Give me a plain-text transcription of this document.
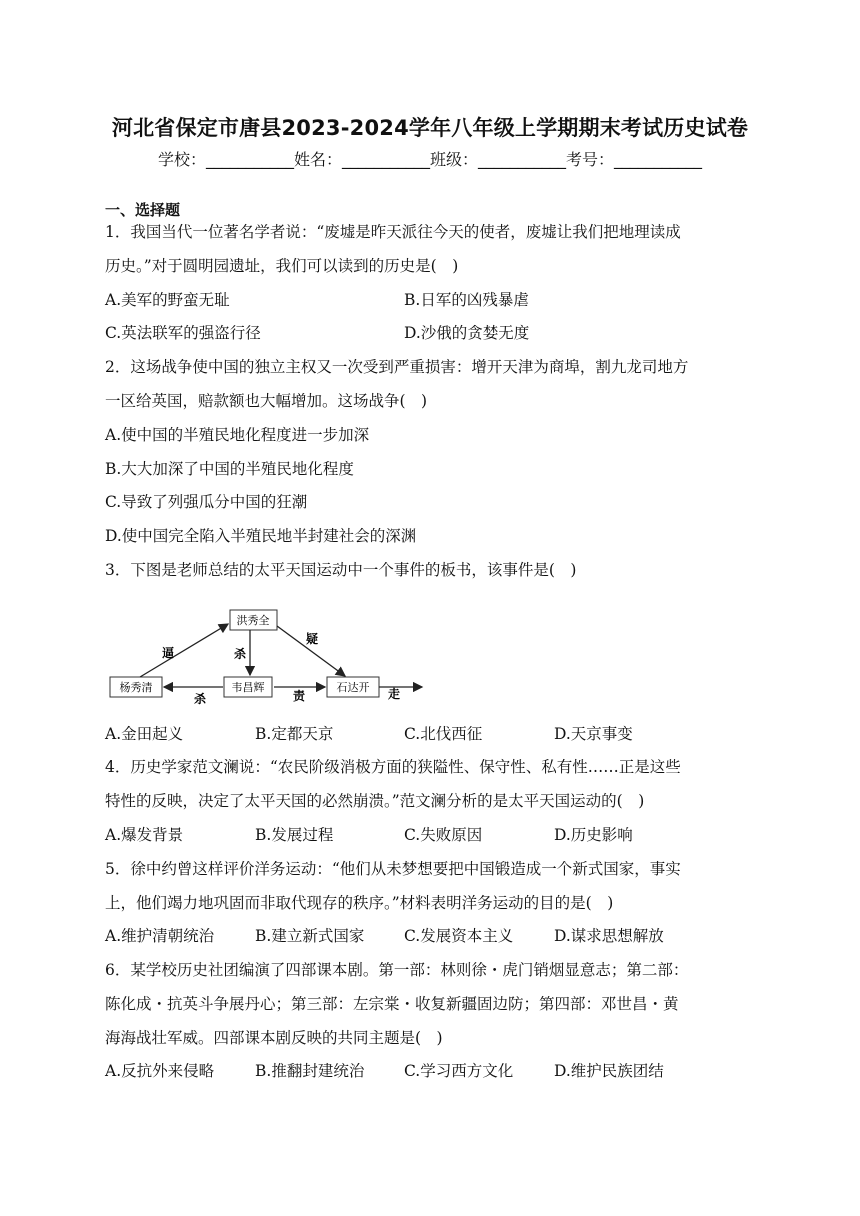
河北省保定市唐县2023-2024学年八年级上学期期末考试历史试卷
学校：___________姓名：___________班级：___________考号：___________
一、选择题
1．我国当代一位著名学者说：“废墟是昨天派往今天的使者，废墟让我们把地理读成
历史。”对于圆明园遗址，我们可以读到的历史是(　)
A.美军的野蛮无耻	B.日军的凶残暴虐
C.英法联军的强盗行径	D.沙俄的贪婪无度
2．这场战争使中国的独立主权又一次受到严重损害：增开天津为商埠，割九龙司地方
一区给英国，赔款额也大幅增加。这场战争(　)
A.使中国的半殖民地化程度进一步加深
B.大大加深了中国的半殖民地化程度
C.导致了列强瓜分中国的狂潮
D.使中国完全陷入半殖民地半封建社会的深渊
3．下图是老师总结的太平天国运动中一个事件的板书，该事件是(　)
洪秀全
杨秀清	韦昌辉	石达开
逼	杀
疑
杀	责	走
A.金田起义	B.定都天京	C.北伐西征	D.天京事变
4．历史学家范文澜说：“农民阶级消极方面的狭隘性、保守性、私有性……正是这些
特性的反映，决定了太平天国的必然崩溃。”范文澜分析的是太平天国运动的(　)
A.爆发背景	B.发展过程	C.失败原因	D.历史影响
5．徐中约曾这样评价洋务运动：“他们从未梦想要把中国锻造成一个新式国家，事实
上，他们竭力地巩固而非取代现存的秩序。”材料表明洋务运动的目的是(　)
A.维护清朝统治	B.建立新式国家	C.发展资本主义	D.谋求思想解放
6．某学校历史社团编演了四部课本剧。第一部：林则徐・虎门销烟显意志；第二部：
陈化成・抗英斗争展丹心；第三部：左宗棠・收复新疆固边防；第四部：邓世昌・黄
海海战壮军威。四部课本剧反映的共同主题是(　)
A.反抗外来侵略	B.推翻封建统治	C.学习西方文化	D.维护民族团结
